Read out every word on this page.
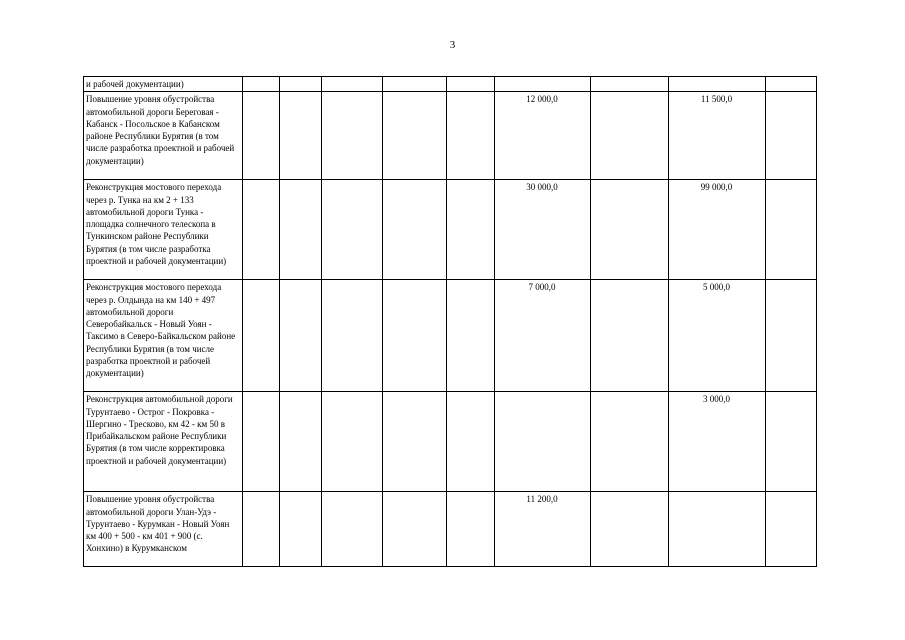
3
и рабочей документации)									
Повышение уровня обустройства автомобильной дороги Береговая - Кабанск - Посольское в Кабанском районе Республики Бурятия (в том числе разработка проектной и рабочей документации)						12 000,0		11 500,0	
Реконструкция мостового перехода через р. Тунка на км 2 + 133 автомобильной дороги Тунка - площадка солнечного телескопа в Тункинском районе Республики Бурятия (в том числе разработка проектной и рабочей документации)						30 000,0		99 000,0	
Реконструкция мостового перехода через р. Олдында на км 140 + 497 автомобильной дороги Северобайкальск - Новый Уоян - Таксимо в Северо-Байкальском районе Республики Бурятия (в том числе разработка проектной и рабочей документации)						7 000,0		5 000,0	
Реконструкция автомобильной дороги Турунтаево - Острог - Покровка - Шергино - Тресково, км 42 - км 50 в Прибайкальском районе Республики Бурятия (в том числе корректировка проектной и рабочей документации)								3 000,0	
Повышение уровня обустройства автомобильной дороги Улан-Удэ - Турунтаево - Курумкан - Новый Уоян км 400 + 500 - км 401 + 900 (с. Хонхино) в Курумканском						11 200,0			
